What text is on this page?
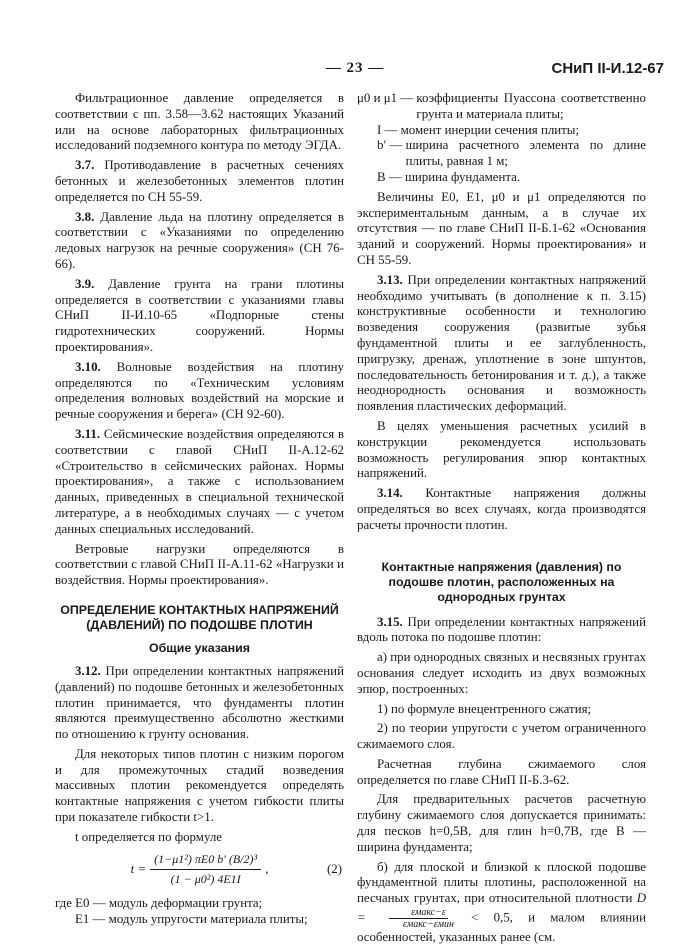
— 23 —	СНиП II-И.12-67

Фильтрационное давление определяется в соответствии с пп. 3.58—3.62 настоящих Указаний или на основе лабораторных фильтрационных исследований подземного контура по методу ЭГДА.

3.7. Противодавление в расчетных сечениях бетонных и железобетонных элементов плотин определяется по СН 55-59.

3.8. Давление льда на плотину определяется в соответствии с «Указаниями по определению ледовых нагрузок на речные сооружения» (СН 76-66).

3.9. Давление грунта на грани плотины определяется в соответствии с указаниями главы СНиП II-И.10-65 «Подпорные стены гидротехнических сооружений. Нормы проектирования».

3.10. Волновые воздействия на плотину определяются по «Техническим условиям определения волновых воздействий на морские и речные сооружения и берега» (СН 92-60).

3.11. Сейсмические воздействия определяются в соответствии с главой СНиП II-А.12-62 «Строительство в сейсмических районах. Нормы проектирования», а также с использованием данных, приведенных в специальной технической литературе, а в необходимых случаях — с учетом данных специальных исследований.

Ветровые нагрузки определяются в соответствии с главой СНиП II-А.11-62 «Нагрузки и воздействия. Нормы проектирования».

ОПРЕДЕЛЕНИЕ КОНТАКТНЫХ НАПРЯЖЕНИЙ (ДАВЛЕНИЙ) ПО ПОДОШВЕ ПЛОТИН

Общие указания

3.12. При определении контактных напряжений (давлений) по подошве бетонных и железобетонных плотин принимается, что фундаменты плотин являются преимущественно абсолютно жесткими по отношению к грунту основания.

Для некоторых типов плотин с низким порогом и для промежуточных стадий возведения массивных плотин рекомендуется определять контактные напряжения с учетом гибкости плиты при показателе гибкости t>1.

t определяется по формуле

$t = \frac{\text{(1−μ1²) πE0 b′ (B/2)³}}{\text{(1 − μ0²) 4E1I}}$ ,	(2)
где E0 — модуль деформации грунта;
E1 — модуль упругости материала плиты;
μ0 и μ1 — коэффициенты Пуассона соответственно грунта и материала плиты;
I — момент инерции сечения плиты;
b′ — ширина расчетного элемента по длине плиты, равная 1 м;
B — ширина фундамента.

Величины E0, E1, μ0 и μ1 определяются по экспериментальным данным, а в случае их отсутствия — по главе СНиП II-Б.1-62 «Основания зданий и сооружений. Нормы проектирования» и СН 55-59.

3.13. При определении контактных напряжений необходимо учитывать (в дополнение к п. 3.15) конструктивные особенности и технологию возведения сооружения (развитые зубья фундаментной плиты и ее заглубленность, пригрузку, дренаж, уплотнение в зоне шпунтов, последовательность бетонирования и т. д.), а также неоднородность основания и возможность появления пластических деформаций.

В целях уменьшения расчетных усилий в конструкции рекомендуется использовать возможность регулирования эпюр контактных напряжений.

3.14. Контактные напряжения должны определяться во всех случаях, когда производятся расчеты прочности плотин.

Контактные напряжения (давления) по подошве плотин, расположенных на однородных грунтах

3.15. При определении контактных напряжений вдоль потока по подошве плотин:

а) при однородных связных и несвязных грунтах основания следует исходить из двух возможных эпюр, построенных:

1) по формуле внецентренного сжатия;

2) по теории упругости с учетом ограниченного сжимаемого слоя.

Расчетная глубина сжимаемого слоя определяется по главе СНиП II-Б.3-62.

Для предварительных расчетов расчетную глубину сжимаемого слоя допускается принимать: для песков h=0,5B, для глин h=0,7B, где B — ширина фундамента;

б) для плоской и близкой к плоской подошве фундаментной плиты плотины, расположенной на песчаных грунтах, при относительной плотности $D = \frac{\text{εмакс−ε}}{\text{εмакс−εмин}} < 0,5$, и малом влиянии особенностей, указанных ранее (см.
